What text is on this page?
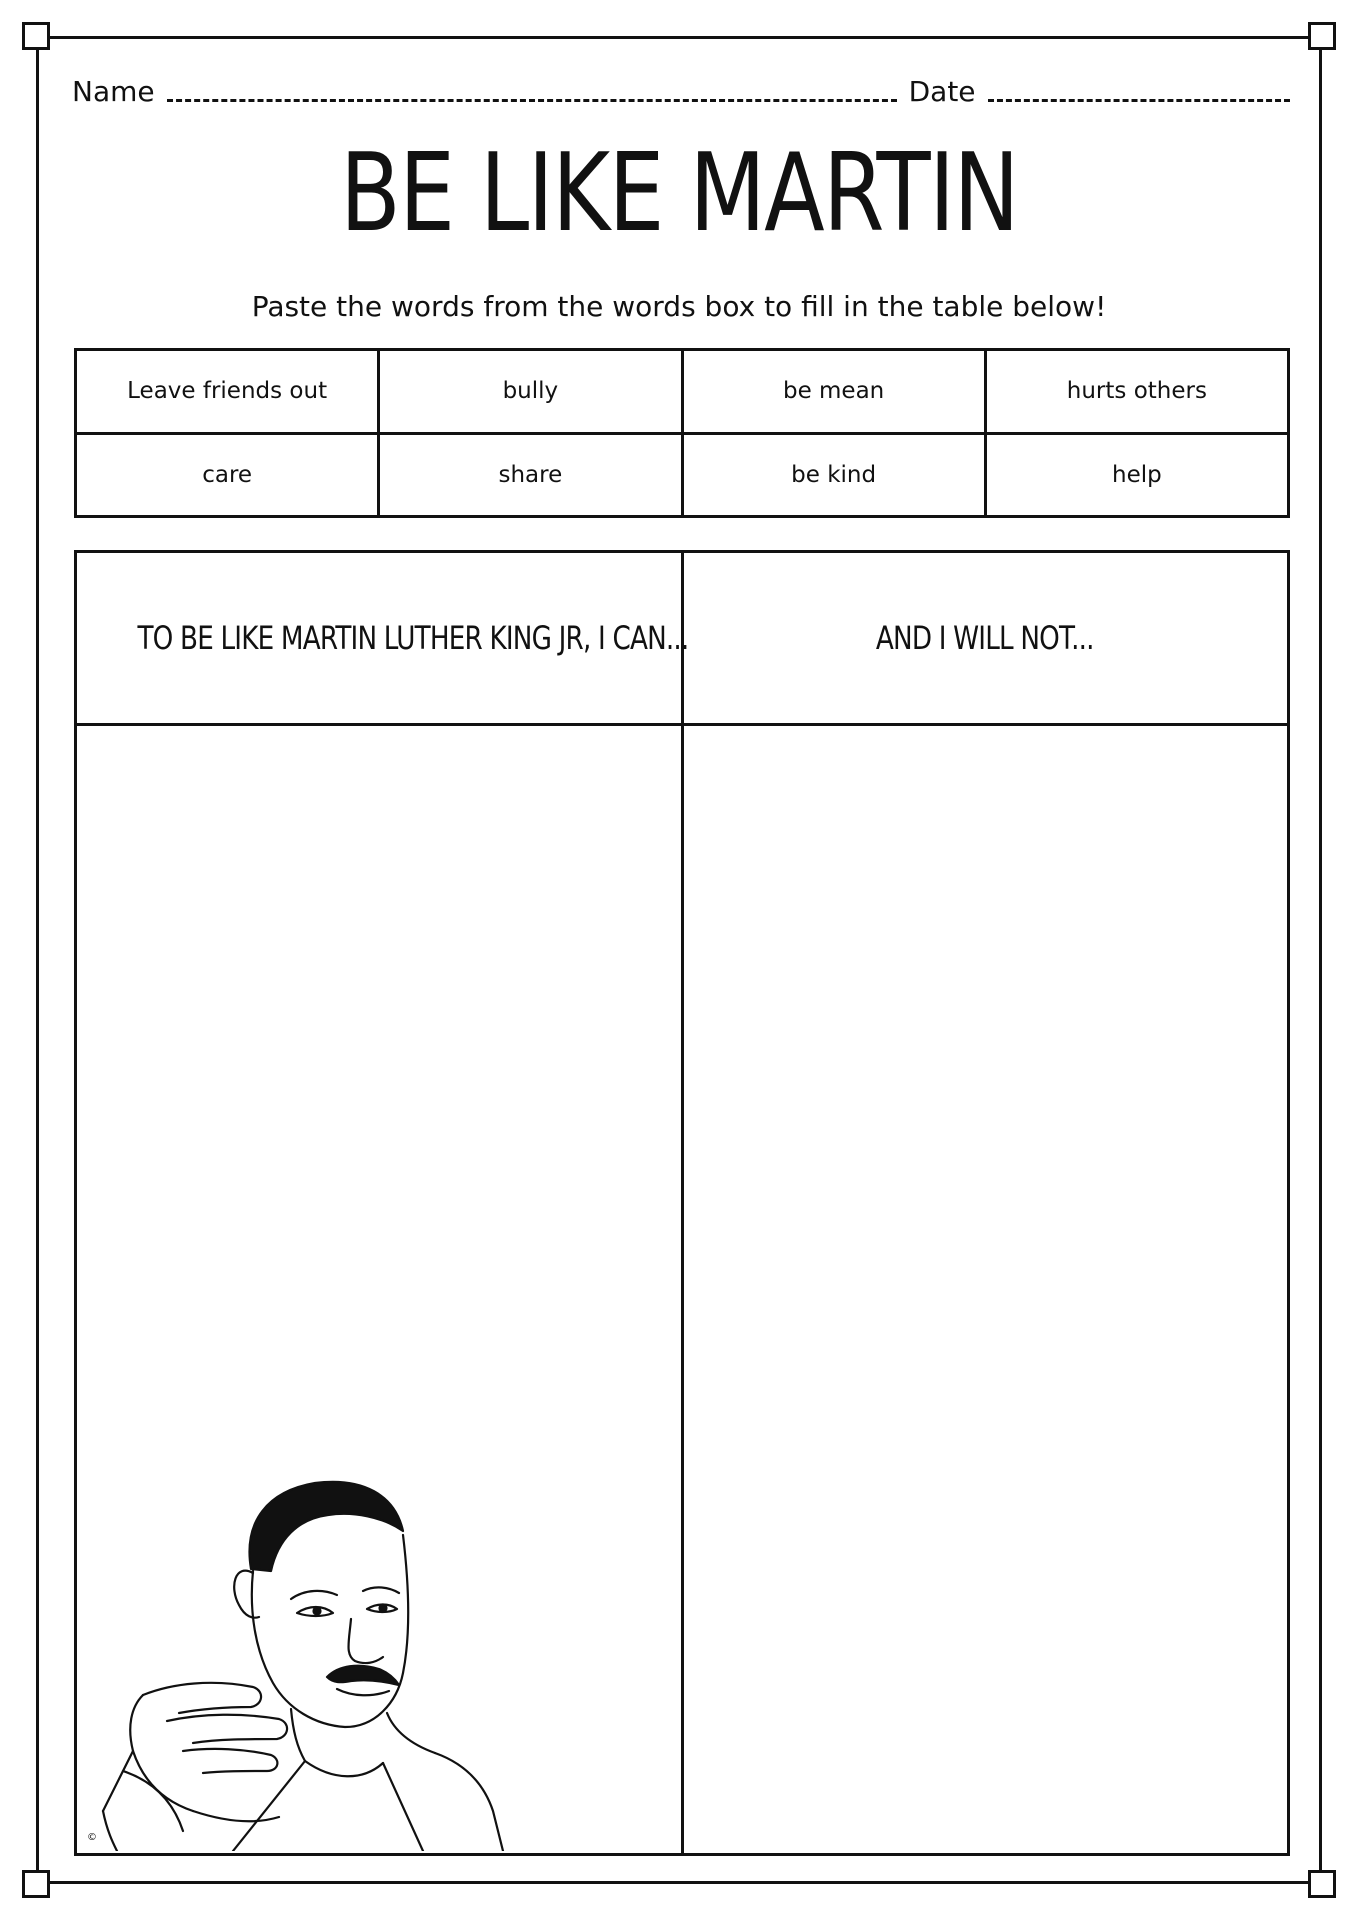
Name	Date
BE LIKE MARTIN
Paste the words from the words box to fill in the table below!
Leave friends out	bully	be mean	hurts others
care	share	be kind	help
TO BE LIKE MARTIN LUTHER KING JR, I CAN...	AND I WILL NOT...

©	
